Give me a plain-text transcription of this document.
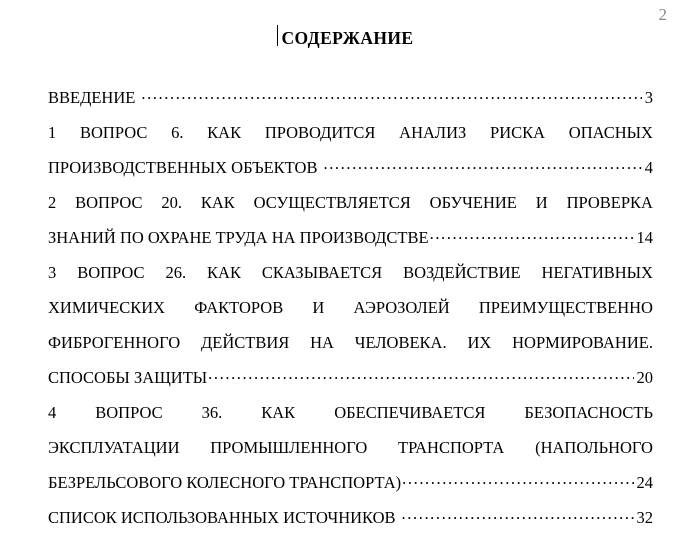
2
СОДЕРЖАНИЕ
ВВЕДЕНИЕ .....	3
1 ВОПРОС 6. КАК ПРОВОДИТСЯ АНАЛИЗ РИСКА ОПАСНЫХ
ПРОИЗВОДСТВЕННЫХ ОБЪЕКТОВ .....	4
2 ВОПРОС 20. КАК ОСУЩЕСТВЛЯЕТСЯ ОБУЧЕНИЕ И ПРОВЕРКА
ЗНАНИЙ ПО ОХРАНЕ ТРУДА НА ПРОИЗВОДСТВЕ .....	14
3 ВОПРОС 26. КАК СКАЗЫВАЕТСЯ ВОЗДЕЙСТВИЕ НЕГАТИВНЫХ
ХИМИЧЕСКИХ ФАКТОРОВ И АЭРОЗОЛЕЙ ПРЕИМУЩЕСТВЕННО
ФИБРОГЕННОГО ДЕЙСТВИЯ НА ЧЕЛОВЕКА. ИХ НОРМИРОВАНИЕ.
СПОСОБЫ ЗАЩИТЫ .....	20
4 ВОПРОС 36. КАК ОБЕСПЕЧИВАЕТСЯ БЕЗОПАСНОСТЬ
ЭКСПЛУАТАЦИИ ПРОМЫШЛЕННОГО ТРАНСПОРТА (НАПОЛЬНОГО
БЕЗРЕЛЬСОВОГО КОЛЕСНОГО ТРАНСПОРТА) .....	24
СПИСОК ИСПОЛЬЗОВАННЫХ ИСТОЧНИКОВ .....	32
